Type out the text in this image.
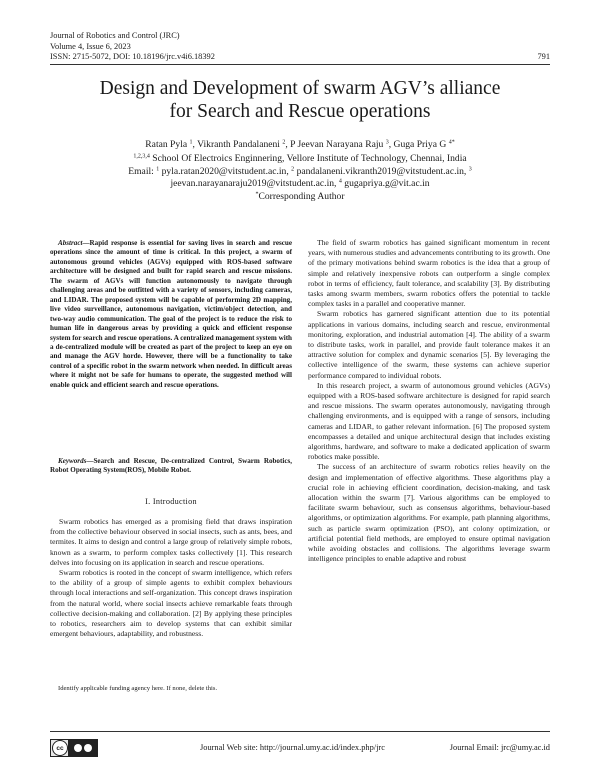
Journal of Robotics and Control (JRC)
Volume 4, Issue 6, 2023
ISSN: 2715-5072, DOI: 10.18196/jrc.v4i6.18392	791
Design and Development of swarm AGV’s alliance
for Search and Rescue operations
Ratan Pyla $^1$, Vikranth Pandalaneni $^2$, P Jeevan Narayana Raju $^3$, Guga Priya G $^{4*}$
$^{1,2,3,4}$ School Of Electroics Enginnering, Vellore Institute of Technology, Chennai, India
Email: $^1$ pyla.ratan2020@vitstudent.ac.in, $^2$ pandalaneni.vikranth2019@vitstudent.ac.in, $^3$
jeevan.narayanaraju2019@vitstudent.ac.in, $^4$ gugapriya.g@vit.ac.in
*Corresponding Author
Abstract—Rapid response is essential for saving lives in search and rescue operations since the amount of time is critical. In this project, a swarm of autonomous ground vehicles (AGVs) equipped with ROS-based software architecture will be designed and built for rapid search and rescue missions. The swarm of AGVs will function autonomously to navigate through challenging areas and be outfitted with a variety of sensors, including cameras, and LIDAR. The proposed system will be capable of performing 2D mapping, live video surveillance, autonomous navigation, victim/object detection, and two-way audio communication. The goal of the project is to reduce the risk to human life in dangerous areas by providing a quick and efficient response system for search and rescue operations. A centralized management system with a de-centralized module will be created as part of the project to keep an eye on and manage the AGV horde. However, there will be a functionality to take control of a specific robot in the swarm network when needed. In difficult areas where it might not be safe for humans to operate, the suggested method will enable quick and efficient search and rescue operations.
Keywords—Search and Rescue, De-centralized Control, Swarm Robotics, Robot Operating System(ROS), Mobile Robot.
I. Introduction

Swarm robotics has emerged as a promising field that draws inspiration from the collective behaviour observed in social insects, such as ants, bees, and termites. It aims to design and control a large group of relatively simple robots, known as a swarm, to perform complex tasks collectively [1]. This research delves into focusing on its application in search and rescue operations.

Swarm robotics is rooted in the concept of swarm intelligence, which refers to the ability of a group of simple agents to exhibit complex behaviours through local interactions and self-organization. This concept draws inspiration from the natural world, where social insects achieve remarkable feats through collective decision-making and collaboration. [2] By applying these principles to robotics, researchers aim to develop systems that can exhibit similar emergent behaviours, adaptability, and robustness.

Identify applicable funding agency here. If none, delete this.

The field of swarm robotics has gained significant momentum in recent years, with numerous studies and advancements contributing to its growth. One of the primary motivations behind swarm robotics is the idea that a group of simple and relatively inexpensive robots can outperform a single complex robot in terms of efficiency, fault tolerance, and scalability [3]. By distributing tasks among swarm members, swarm robotics offers the potential to tackle complex tasks in a parallel and cooperative manner.

Swarm robotics has garnered significant attention due to its potential applications in various domains, including search and rescue, environmental monitoring, exploration, and industrial automation [4]. The ability of a swarm to distribute tasks, work in parallel, and provide fault tolerance makes it an attractive solution for complex and dynamic scenarios [5]. By leveraging the collective intelligence of the swarm, these systems can achieve superior performance compared to individual robots.

In this research project, a swarm of autonomous ground vehicles (AGVs) equipped with a ROS-based software architecture is designed for rapid search and rescue missions. The swarm operates autonomously, navigating through challenging environments, and is equipped with a range of sensors, including cameras and LIDAR, to gather relevant information. [6] The proposed system encompasses a detailed and unique architectural design that includes existing algorithms, hardware, and software to make a dedicated application of swarm robotics make possible.

The success of an architecture of swarm robotics relies heavily on the design and implementation of effective algorithms. These algorithms play a crucial role in achieving efficient coordination, decision-making, and task allocation within the swarm [7]. Various algorithms can be employed to facilitate swarm behaviour, such as consensus algorithms, behaviour-based algorithms, or optimization algorithms. For example, path planning algorithms, such as particle swarm optimization (PSO), ant colony optimization, or artificial potential field methods, are employed to ensure optimal navigation while avoiding obstacles and collisions. The algorithms leverage swarm intelligence principles to enable adaptive and robust

cc	Journal Web site: http://journal.umy.ac.id/index.php/jrc	Journal Email: jrc@umy.ac.id
